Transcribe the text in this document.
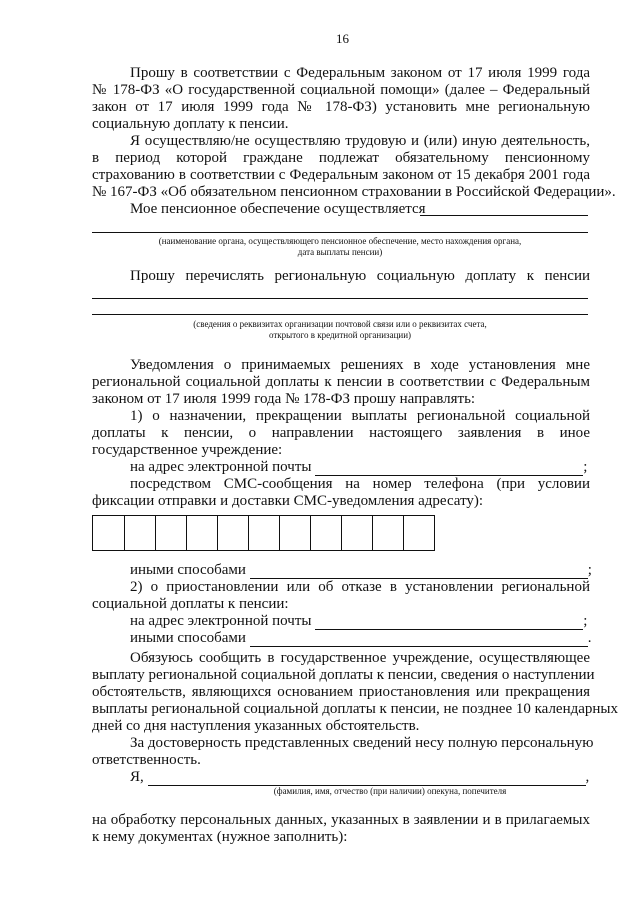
16
Прошу в соответствии с Федеральным законом от 17 июля 1999 года
№ 178-ФЗ «О государственной социальной помощи» (далее – Федеральный
закон от 17 июля 1999 года № 178-ФЗ) установить мне региональную
социальную доплату к пенсии.
Я осуществляю/не осуществляю трудовую и (или) иную деятельность,
в период которой граждане подлежат обязательному пенсионному
страхованию в соответствии с Федеральным законом от 15 декабря 2001 года
№ 167-ФЗ «Об обязательном пенсионном страховании в Российской Федерации».
Мое пенсионное обеспечение осуществляется
(наименование органа, осуществляющего пенсионное обеспечение, место нахождения органа,
дата выплаты пенсии)
Прошу перечислять региональную социальную доплату к пенсии
(сведения о реквизитах организации почтовой связи или о реквизитах счета,
открытого в кредитной организации)
Уведомления о принимаемых решениях в ходе установления мне
региональной социальной доплаты к пенсии в соответствии с Федеральным
законом от 17 июля 1999 года № 178-ФЗ прошу направлять:
1) о назначении, прекращении выплаты региональной социальной
доплаты к пенсии, о направлении настоящего заявления в иное
государственное учреждение:
на адрес электронной почты	;
посредством СМС-сообщения на номер телефона (при условии
фиксации отправки и доставки СМС-уведомления адресату):
иными способами	;
2) о приостановлении или об отказе в установлении региональной
социальной доплаты к пенсии:
на адрес электронной почты	;
иными способами	.
Обязуюсь сообщить в государственное учреждение, осуществляющее
выплату региональной социальной доплаты к пенсии, сведения о наступлении
обстоятельств, являющихся основанием приостановления или прекращения
выплаты региональной социальной доплаты к пенсии, не позднее 10 календарных
дней со дня наступления указанных обстоятельств.
За достоверность представленных сведений несу полную персональную
ответственность.
Я,	,
(фамилия, имя, отчество (при наличии) опекуна, попечителя
на обработку персональных данных, указанных в заявлении и в прилагаемых
к нему документах (нужное заполнить):
